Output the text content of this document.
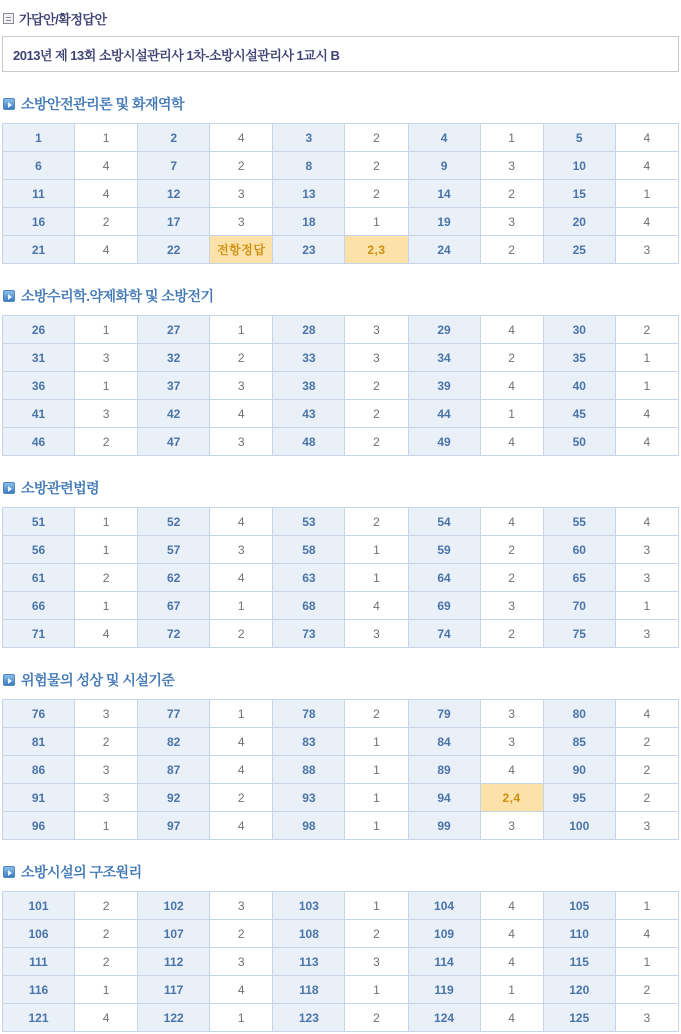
가답안/확정답안
2013년 제 13회 소방시설관리사 1차-소방시설관리사 1교시 B
소방안전관리론 및 화재역학
1	1	2	4	3	2	4	1	5	4
6	4	7	2	8	2	9	3	10	4
11	4	12	3	13	2	14	2	15	1
16	2	17	3	18	1	19	3	20	4
21	4	22	전항정답	23	2,3	24	2	25	3
소방수리학.약제화학 및 소방전기
26	1	27	1	28	3	29	4	30	2
31	3	32	2	33	3	34	2	35	1
36	1	37	3	38	2	39	4	40	1
41	3	42	4	43	2	44	1	45	4
46	2	47	3	48	2	49	4	50	4
소방관련법령
51	1	52	4	53	2	54	4	55	4
56	1	57	3	58	1	59	2	60	3
61	2	62	4	63	1	64	2	65	3
66	1	67	1	68	4	69	3	70	1
71	4	72	2	73	3	74	2	75	3
위험물의 성상 및 시설기준
76	3	77	1	78	2	79	3	80	4
81	2	82	4	83	1	84	3	85	2
86	3	87	4	88	1	89	4	90	2
91	3	92	2	93	1	94	2,4	95	2
96	1	97	4	98	1	99	3	100	3
소방시설의 구조원리
101	2	102	3	103	1	104	4	105	1
106	2	107	2	108	2	109	4	110	4
111	2	112	3	113	3	114	4	115	1
116	1	117	4	118	1	119	1	120	2
121	4	122	1	123	2	124	4	125	3
